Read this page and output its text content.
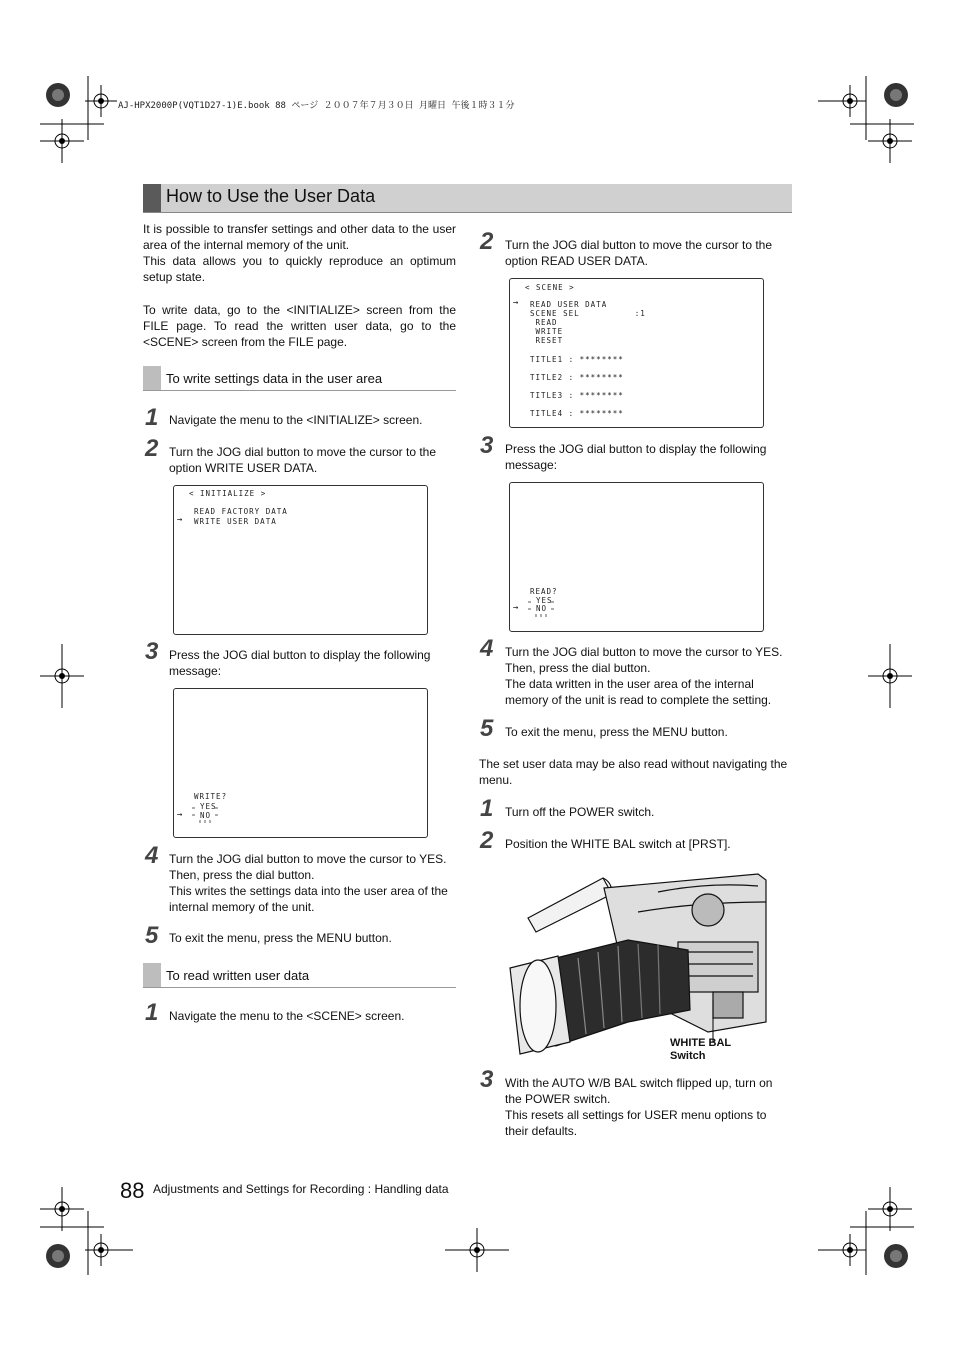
AJ-HPX2000P(VQT1D27-1)E.book 88 ページ ２００７年７月３０日 月曜日 午後１時３１分
How to Use the User Data
It is possible to transfer settings and other data to the user area of the internal memory of the unit.
This data allows you to quickly reproduce an optimum setup state.
To write data, go to the <INITIALIZE> screen from the FILE page. To read the written user data, go to the <SCENE> screen from the FILE page.
To write settings data in the user area
1 Navigate the menu to the <INITIALIZE> screen.
2 Turn the JOG dial button to move the cursor to the option WRITE USER DATA.
< INITIALIZE >
READ FACTORY DATA
→ WRITE USER DATA
3 Press the JOG dial button to display the following message:
WRITE?
YES
→ NO
4 Turn the JOG dial button to move the cursor to YES. Then, press the dial button.
This writes the settings data into the user area of the internal memory of the unit.
5 To exit the menu, press the MENU button.
To read written user data
1 Navigate the menu to the <SCENE> screen.
2 Turn the JOG dial button to move the cursor to the option READ USER DATA.
< SCENE >
→ READ USER DATA
SCENE SEL          :1
READ
WRITE
RESET
TITLE1 : ********
TITLE2 : ********
TITLE3 : ********
TITLE4 : ********
3 Press the JOG dial button to display the following message:
READ?
YES
→ NO
4 Turn the JOG dial button to move the cursor to YES. Then, press the dial button.
The data written in the user area of the internal memory of the unit is read to complete the setting.
5 To exit the menu, press the MENU button.
The set user data may be also read without navigating the menu.
1 Turn off the POWER switch.
2 Position the WHITE BAL switch at [PRST].
WHITE BAL
Switch
3 With the AUTO W/B BAL switch flipped up, turn on the POWER switch.
This resets all settings for USER menu options to their defaults.
88 Adjustments and Settings for Recording : Handling data
